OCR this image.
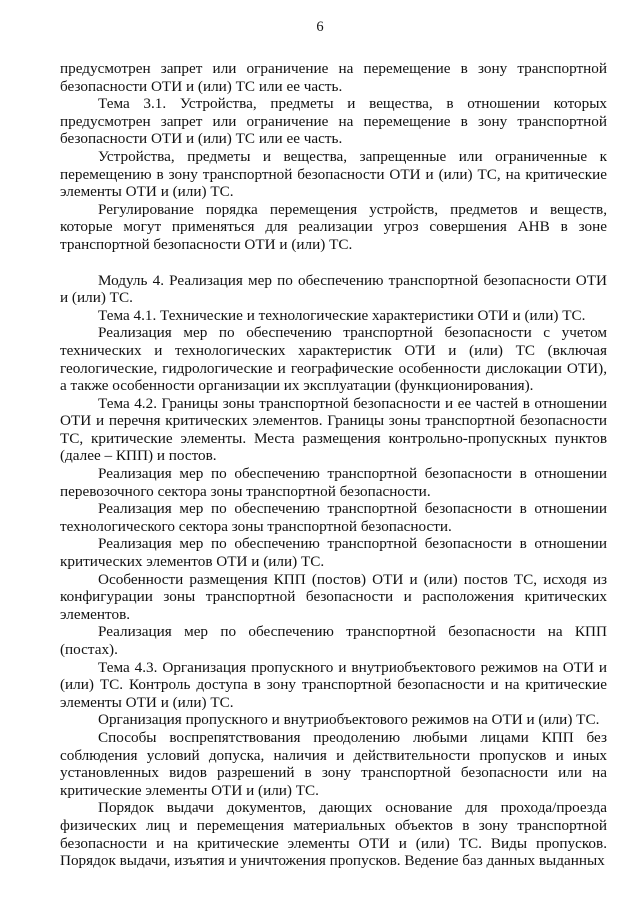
6

предусмотрен запрет или ограничение на перемещение в зону транспортной безопасности ОТИ и (или) ТС или ее часть.

Тема 3.1. Устройства, предметы и вещества, в отношении которых предусмотрен запрет или ограничение на перемещение в зону транспортной безопасности ОТИ и (или) ТС или ее часть.

Устройства, предметы и вещества, запрещенные или ограниченные к перемещению в зону транспортной безопасности ОТИ и (или) ТС, на критические элементы ОТИ и (или) ТС.

Регулирование порядка перемещения устройств, предметов и веществ, которые могут применяться для реализации угроз совершения АНВ в зоне транспортной безопасности ОТИ и (или) ТС.

Модуль 4. Реализация мер по обеспечению транспортной безопасности ОТИ и (или) ТС.

Тема 4.1. Технические и технологические характеристики ОТИ и (или) ТС.

Реализация мер по обеспечению транспортной безопасности с учетом технических и технологических характеристик ОТИ и (или) ТС (включая геологические, гидрологические и географические особенности дислокации ОТИ), а также особенности организации их эксплуатации (функционирования).

Тема 4.2. Границы зоны транспортной безопасности и ее частей в отношении ОТИ и перечня критических элементов. Границы зоны транспортной безопасности ТС, критические элементы. Места размещения контрольно-пропускных пунктов (далее – КПП) и постов.

Реализация мер по обеспечению транспортной безопасности в отношении перевозочного сектора зоны транспортной безопасности.

Реализация мер по обеспечению транспортной безопасности в отношении технологического сектора зоны транспортной безопасности.

Реализация мер по обеспечению транспортной безопасности в отношении критических элементов ОТИ и (или) ТС.

Особенности размещения КПП (постов) ОТИ и (или) постов ТС, исходя из конфигурации зоны транспортной безопасности и расположения критических элементов.

Реализация мер по обеспечению транспортной безопасности на КПП (постах).

Тема 4.3. Организация пропускного и внутриобъектового режимов на ОТИ и (или) ТС. Контроль доступа в зону транспортной безопасности и на критические элементы ОТИ и (или) ТС.

Организация пропускного и внутриобъектового режимов на ОТИ и (или) ТС.

Способы воспрепятствования преодолению любыми лицами КПП без соблюдения условий допуска, наличия и действительности пропусков и иных установленных видов разрешений в зону транспортной безопасности или на критические элементы ОТИ и (или) ТС.

Порядок выдачи документов, дающих основание для прохода/проезда физических лиц и перемещения материальных объектов в зону транспортной безопасности и на критические элементы ОТИ и (или) ТС. Виды пропусков. Порядок выдачи, изъятия и уничтожения пропусков. Ведение баз данных выданных
